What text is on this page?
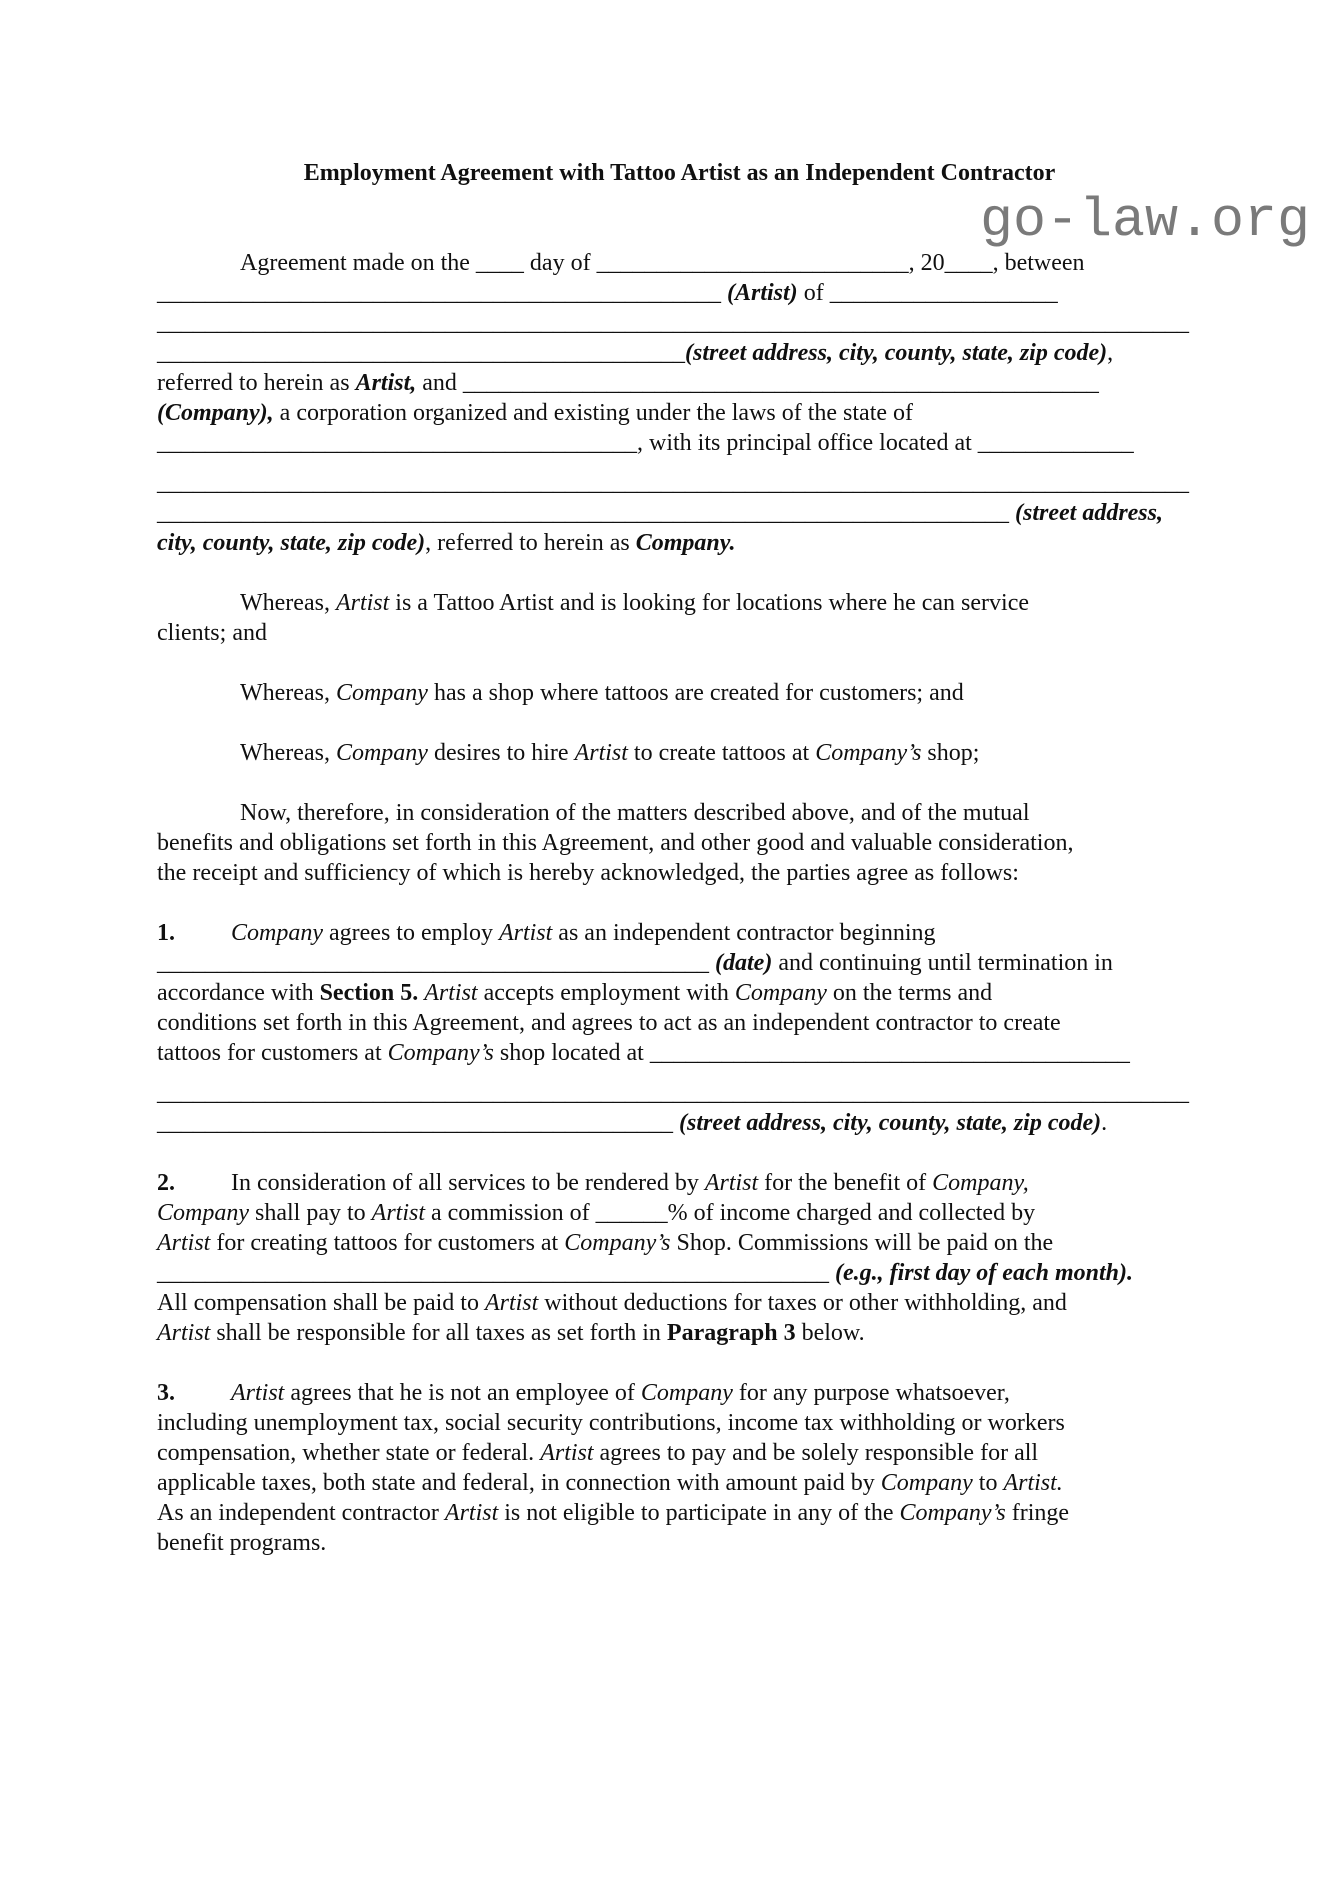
go-law.org
Employment Agreement with Tattoo Artist as an Independent Contractor
Agreement made on the ____ day of __________________________, 20____, between
_______________________________________________ (Artist) of ___________________
______________________________________________________________________________________
____________________________________________(street address, city, county, state, zip code),
referred to herein as Artist, and _____________________________________________________
(Company), a corporation organized and existing under the laws of the state of
________________________________________, with its principal office located at _____________
______________________________________________________________________________________
_______________________________________________________________________ (street address,
city, county, state, zip code), referred to herein as Company.
Whereas, Artist is a Tattoo Artist and is looking for locations where he can service
clients; and
Whereas, Company has a shop where tattoos are created for customers; and
Whereas, Company desires to hire Artist to create tattoos at Company’s shop;
Now, therefore, in consideration of the matters described above, and of the mutual
benefits and obligations set forth in this Agreement, and other good and valuable consideration,
the receipt and sufficiency of which is hereby acknowledged, the parties agree as follows:
1. Company agrees to employ Artist as an independent contractor beginning
______________________________________________ (date) and continuing until termination in
accordance with Section 5. Artist accepts employment with Company on the terms and
conditions set forth in this Agreement, and agrees to act as an independent contractor to create
tattoos for customers at Company’s shop located at ________________________________________
______________________________________________________________________________________
___________________________________________ (street address, city, county, state, zip code).
2. In consideration of all services to be rendered by Artist for the benefit of Company,
Company shall pay to Artist a commission of ______% of income charged and collected by
Artist for creating tattoos for customers at Company’s Shop. Commissions will be paid on the
________________________________________________________ (e.g., first day of each month).
All compensation shall be paid to Artist without deductions for taxes or other withholding, and
Artist shall be responsible for all taxes as set forth in Paragraph 3 below.
3. Artist agrees that he is not an employee of Company for any purpose whatsoever,
including unemployment tax, social security contributions, income tax withholding or workers
compensation, whether state or federal. Artist agrees to pay and be solely responsible for all
applicable taxes, both state and federal, in connection with amount paid by Company to Artist.
As an independent contractor Artist is not eligible to participate in any of the Company’s fringe
benefit programs.
